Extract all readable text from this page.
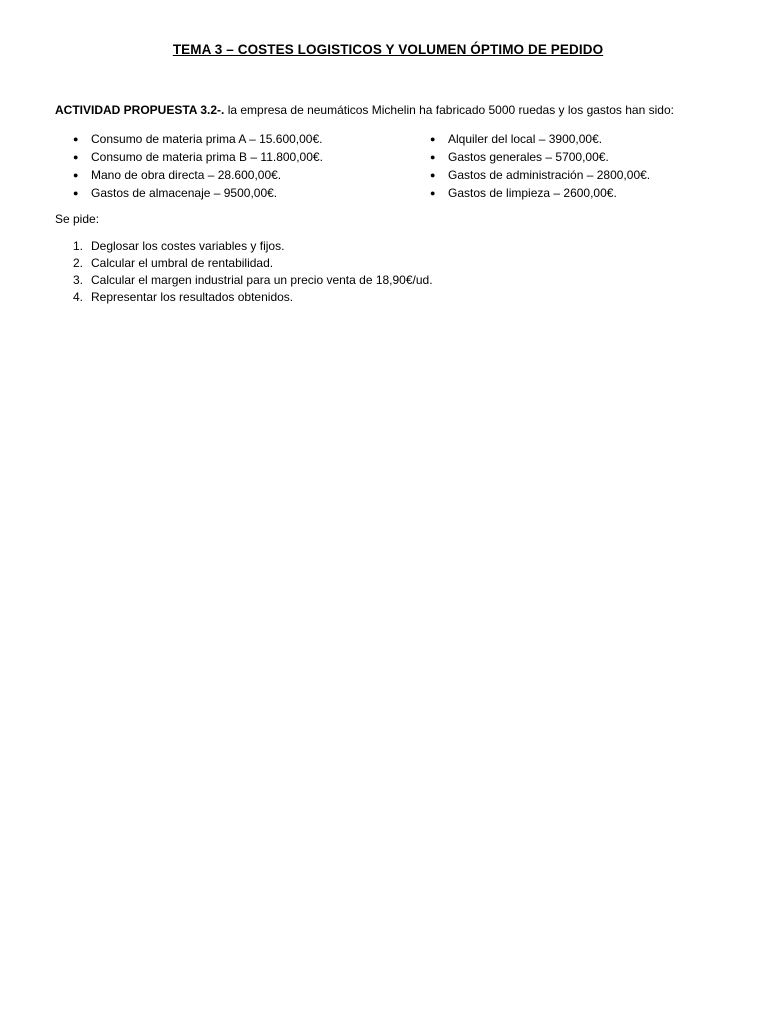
TEMA 3 – COSTES LOGISTICOS Y VOLUMEN ÓPTIMO DE PEDIDO
ACTIVIDAD PROPUESTA 3.2-. la empresa de neumáticos Michelin ha fabricado 5000 ruedas y los gastos han sido:
●	Consumo de materia prima A – 15.600,00€.
●	Consumo de materia prima B – 11.800,00€.
●	Mano de obra directa – 28.600,00€.
●	Gastos de almacenaje – 9500,00€.
●	Alquiler del local – 3900,00€.
●	Gastos generales – 5700,00€.
●	Gastos de administración – 2800,00€.
●	Gastos de limpieza – 2600,00€.
Se pide:
1. Deglosar los costes variables y fijos.
2. Calcular el umbral de rentabilidad.
3. Calcular el margen industrial para un precio venta de 18,90€/ud.
4. Representar los resultados obtenidos.
